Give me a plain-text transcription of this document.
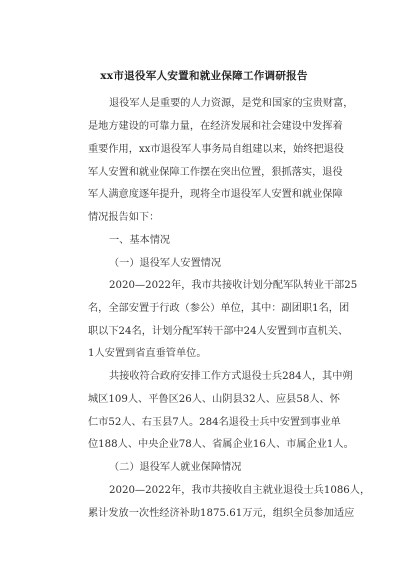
xx市退役军人安置和就业保障工作调研报告
退役军人是重要的人力资源，是党和国家的宝贵财富，
是地方建设的可靠力量，在经济发展和社会建设中发挥着
重要作用，xx市退役军人事务局自组建以来，始终把退役
军人安置和就业保障工作摆在突出位置，狠抓落实，退役
军人满意度逐年提升，现将全市退役军人安置和就业保障
情况报告如下：
一、基本情况
（一）退役军人安置情况
2020—2022年，我市共接收计划分配军队转业干部25
名，全部安置于行政（参公）单位，其中：副团职1名，团
职以下24名，计划分配军转干部中24人安置到市直机关、
1人安置到省直垂管单位。
共接收符合政府安排工作方式退役士兵284人，其中朔
城区109人、平鲁区26人、山阴县32人、应县58人、怀
仁市52人、右玉县7人。284名退役士兵中安置到事业单
位188人、中央企业78人、省属企业16人、市属企业1人。
（二）退役军人就业保障情况
2020—2022年，我市共接收自主就业退役士兵1086人，
累计发放一次性经济补助1875.61万元，组织全员参加适应
